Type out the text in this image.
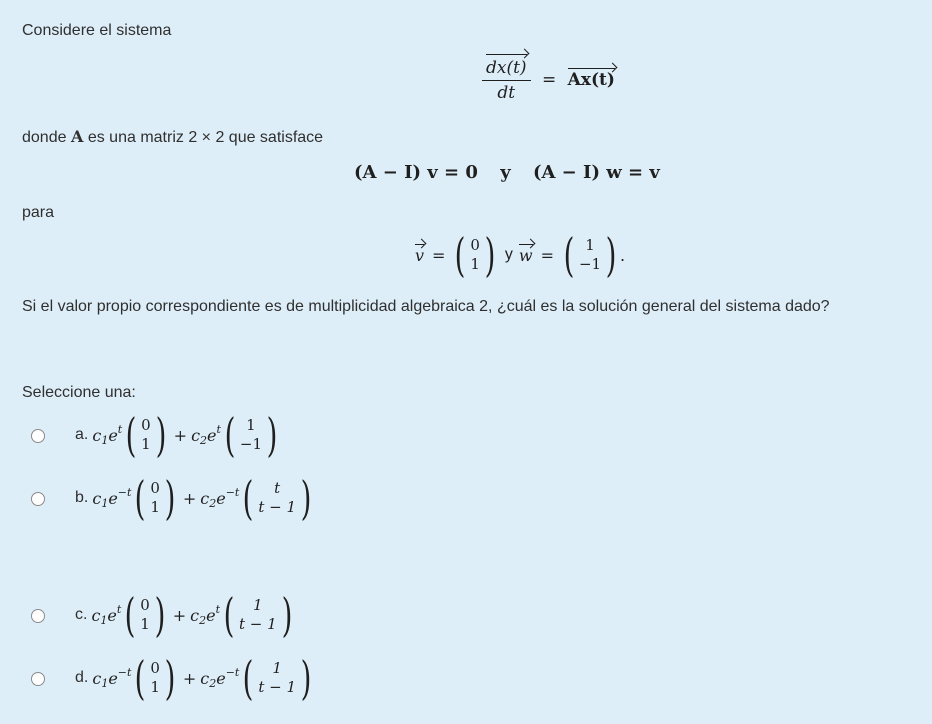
Considere el sistema
$\frac{dx(t)}{dt} = Ax(t)$
donde A es una matriz 2 × 2 que satisface
(A − I) v = 0 y (A − I) w = v
para
v = ( 0
1 ) y w = ( 1
−1 ) .
Si el valor propio correspondiente es de multiplicidad algebraica 2, ¿cuál es la solución general del sistema dado?
Seleccione una:
a. $c_1e^t$ ( 0
1 ) + $c_2e^t$ ( 1
−1 )
b. $c_1e^{-t}$ ( 0
1 ) + $c_2e^{-t}$ ( t
t − 1 )
c. $c_1e^t$ ( 0
1 ) + $c_2e^t$ ( 1
t − 1 )
d. $c_1e^{-t}$ ( 0
1 ) + $c_2e^{-t}$ ( 1
t − 1 )
